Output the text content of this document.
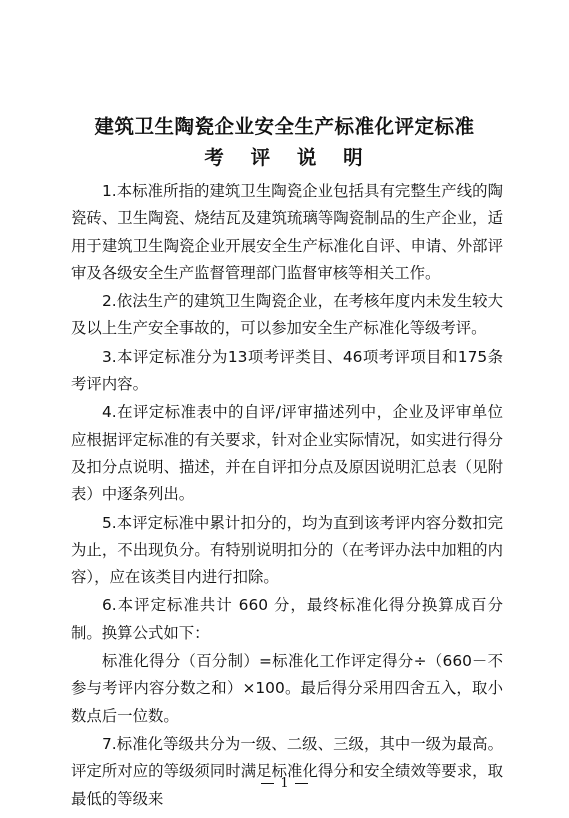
建筑卫生陶瓷企业安全生产标准化评定标准
考 评 说 明

1.本标准所指的建筑卫生陶瓷企业包括具有完整生产线的陶瓷砖、卫生陶瓷、烧结瓦及建筑琉璃等陶瓷制品的生产企业，适用于建筑卫生陶瓷企业开展安全生产标准化自评、申请、外部评审及各级安全生产监督管理部门监督审核等相关工作。

2.依法生产的建筑卫生陶瓷企业，在考核年度内未发生较大及以上生产安全事故的，可以参加安全生产标准化等级考评。

3.本评定标准分为13项考评类目、46项考评项目和175条考评内容。

4.在评定标准表中的自评/评审描述列中，企业及评审单位应根据评定标准的有关要求，针对企业实际情况，如实进行得分及扣分点说明、描述，并在自评扣分点及原因说明汇总表（见附表）中逐条列出。

5.本评定标准中累计扣分的，均为直到该考评内容分数扣完为止，不出现负分。有特别说明扣分的（在考评办法中加粗的内容），应在该类目内进行扣除。

6.本评定标准共计 660 分，最终标准化得分换算成百分制。换算公式如下：

标准化得分（百分制）=标准化工作评定得分÷（660－不参与考评内容分数之和）×100。最后得分采用四舍五入，取小数点后一位数。

7.标准化等级共分为一级、二级、三级，其中一级为最高。评定所对应的等级须同时满足标准化得分和安全绩效等要求，取最低的等级来

1
